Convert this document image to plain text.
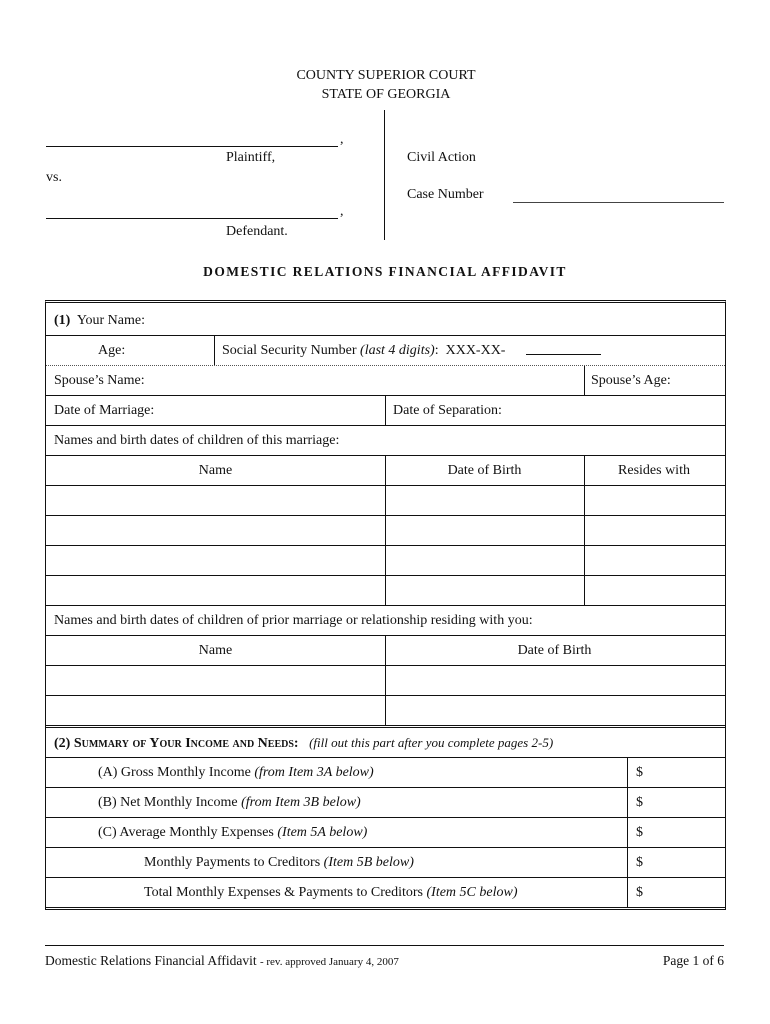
COUNTY SUPERIOR COURT
STATE OF GEORGIA
,
Plaintiff,
vs.
,
Defendant.
Civil Action
Case Number
DOMESTIC RELATIONS FINANCIAL AFFIDAVIT
(1) Your Name:
Age:	Social Security Number (last 4 digits): XXX-XX-
Spouse’s Name:	Spouse’s Age:
Date of Marriage:	Date of Separation:
Names and birth dates of children of this marriage:
Name	Date of Birth	Resides with
Names and birth dates of children of prior marriage or relationship residing with you:
Name	Date of Birth
(2) Summary of Your Income and Needs: (fill out this part after you complete pages 2-5)
(A) Gross Monthly Income (from Item 3A below)	$
(B) Net Monthly Income (from Item 3B below)	$
(C) Average Monthly Expenses (Item 5A below)	$
Monthly Payments to Creditors (Item 5B below)	$
Total Monthly Expenses & Payments to Creditors (Item 5C below)	$
Domestic Relations Financial Affidavit - rev. approved January 4, 2007	Page 1 of 6
